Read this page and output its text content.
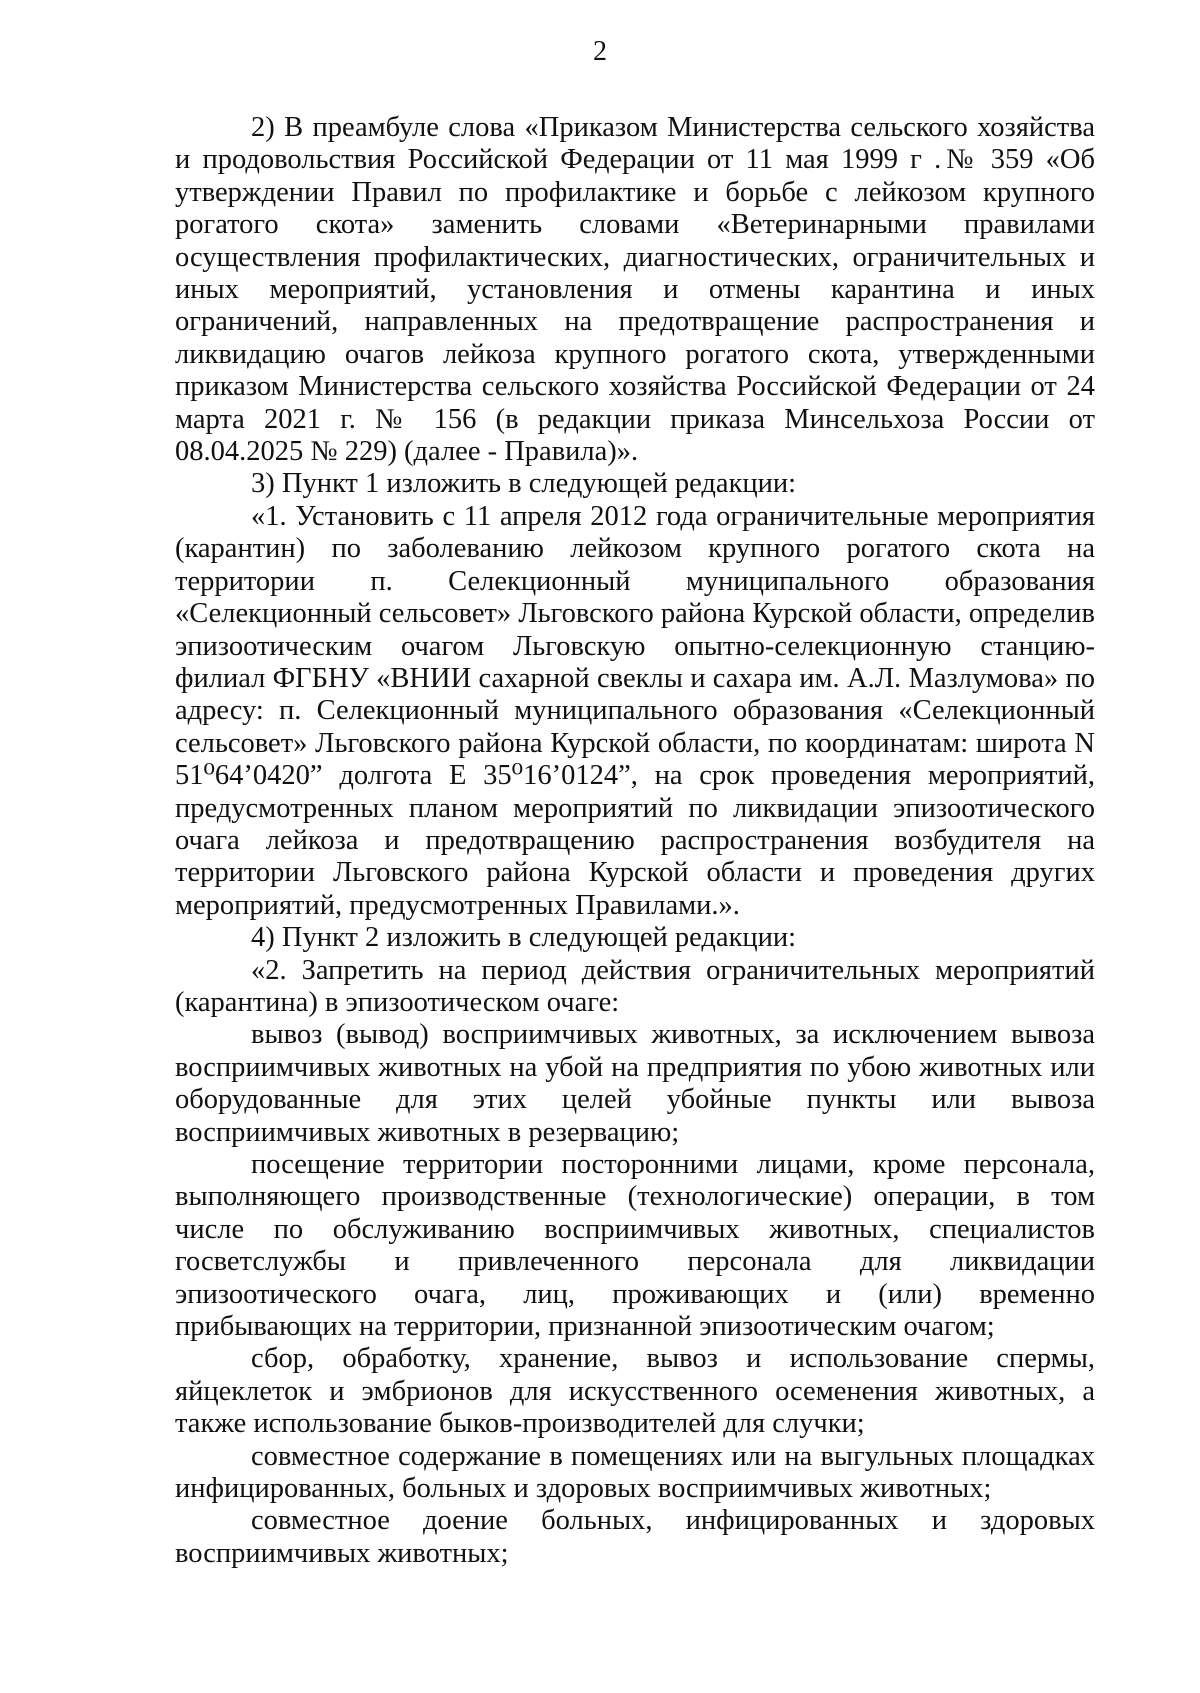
2

2) В преамбуле слова «Приказом Министерства сельского хозяйства и продовольствия Российской Федерации от 11 мая 1999 г .№ 359 «Об утверждении Правил по профилактике и борьбе с лейкозом крупного рогатого скота» заменить словами «Ветеринарными правилами осуществления профилактических, диагностических, ограничительных и иных мероприятий, установления и отмены карантина и иных ограничений, направленных на предотвращение распространения и ликвидацию очагов лейкоза крупного рогатого скота, утвержденными приказом Министерства сельского хозяйства Российской Федерации от 24 марта 2021 г. № 156 (в редакции приказа Минсельхоза России от 08.04.2025 № 229) (далее - Правила)».

3) Пункт 1 изложить в следующей редакции:

«1. Установить с 11 апреля 2012 года ограничительные мероприятия (карантин) по заболеванию лейкозом крупного рогатого скота на территории п. Селекционный муниципального образования «Селекционный сельсовет» Льговского района Курской области, определив эпизоотическим очагом Льговскую опытно-селекционную станцию-филиал ФГБНУ «ВНИИ сахарной свеклы и сахара им. А.Л. Мазлумова» по адресу: п. Селекционный муниципального образования «Селекционный сельсовет» Льговского района Курской области, по координатам: широта N 51⁰64’0420” долгота E 35⁰16’0124”, на срок проведения мероприятий, предусмотренных планом мероприятий по ликвидации эпизоотического очага лейкоза и предотвращению распространения возбудителя на территории Льговского района Курской области и проведения других мероприятий, предусмотренных Правилами.».

4) Пункт 2 изложить в следующей редакции:

«2. Запретить на период действия ограничительных мероприятий (карантина) в эпизоотическом очаге:

вывоз (вывод) восприимчивых животных, за исключением вывоза восприимчивых животных на убой на предприятия по убою животных или оборудованные для этих целей убойные пункты или вывоза восприимчивых животных в резервацию;

посещение территории посторонними лицами, кроме персонала, выполняющего производственные (технологические) операции, в том числе по обслуживанию восприимчивых животных, специалистов госветслужбы и привлеченного персонала для ликвидации эпизоотического очага, лиц, проживающих и (или) временно прибывающих на территории, признанной эпизоотическим очагом;

сбор, обработку, хранение, вывоз и использование спермы, яйцеклеток и эмбрионов для искусственного осеменения животных, а также использование быков-производителей для случки;

совместное содержание в помещениях или на выгульных площадках инфицированных, больных и здоровых восприимчивых животных;

совместное доение больных, инфицированных и здоровых восприимчивых животных;
